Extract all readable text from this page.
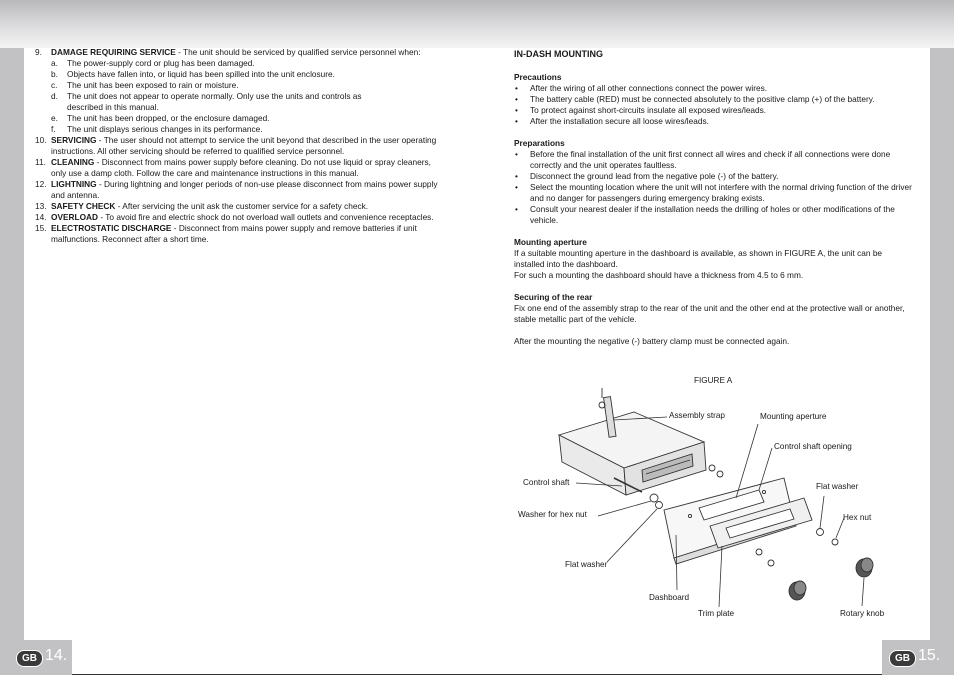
GB 14.	GB 15.
9. DAMAGE REQUIRING SERVICE - The unit should be serviced by qualified service personnel when:
a. The power-supply cord or plug has been damaged.
b. Objects have fallen into, or liquid has been spilled into the unit enclosure.
c. The unit has been exposed to rain or moisture.
d. The unit does not appear to operate normally. Only use the units and controls as described in this manual.
e. The unit has been dropped, or the enclosure damaged.
f. The unit displays serious changes in its performance.
10. SERVICING - The user should not attempt to service the unit beyond that described in the user operating instructions. All other servicing should be referred to qualified service personnel.
11. CLEANING - Disconnect from mains power supply before cleaning. Do not use liquid or spray cleaners, only use a damp cloth. Follow the care and maintenance instructions in this manual.
12. LIGHTNING - During lightning and longer periods of non-use please disconnect from mains power supply and antenna.
13. SAFETY CHECK - After servicing the unit ask the customer service for a safety check.
14. OVERLOAD - To avoid fire and electric shock do not overload wall outlets and convenience receptacles.
15. ELECTROSTATIC DISCHARGE - Disconnect from mains power supply and remove batteries if unit malfunctions. Reconnect after a short time.
IN-DASH MOUNTING
Precautions
• After the wiring of all other connections connect the power wires.
• The battery cable (RED) must be connected absolutely to the positive clamp (+) of the battery.
• To protect against short-circuits insulate all exposed wires/leads.
• After the installation secure all loose wires/leads.
Preparations
• Before the final installation of the unit first connect all wires and check if all connections were done correctly and the unit operates faultless.
• Disconnect the ground lead from the negative pole (-) of the battery.
• Select the mounting location where the unit will not interfere with the normal driving function of the driver and no danger for passengers during emergency braking exists.
• Consult your nearest dealer if the installation needs the drilling of holes or other modifications of the vehicle.
Mounting aperture

If a suitable mounting aperture in the dashboard is available, as shown in FIGURE A, the unit can be installed into the dashboard.

For such a mounting the dashboard should have a thickness from 4.5 to 6 mm.

Securing of the rear

Fix one end of the assembly strap to the rear of the unit and the other end at the protective wall or another, stable metallic part of the vehicle.

After the mounting the negative (-) battery clamp must be connected again.

FIGURE A
Assembly strap	Mounting aperture
Control shaft opening
Control shaft	Flat washer
Washer for hex nut	Hex nut
Flat washer
Dashboard
Trim plate	Rotary knob
